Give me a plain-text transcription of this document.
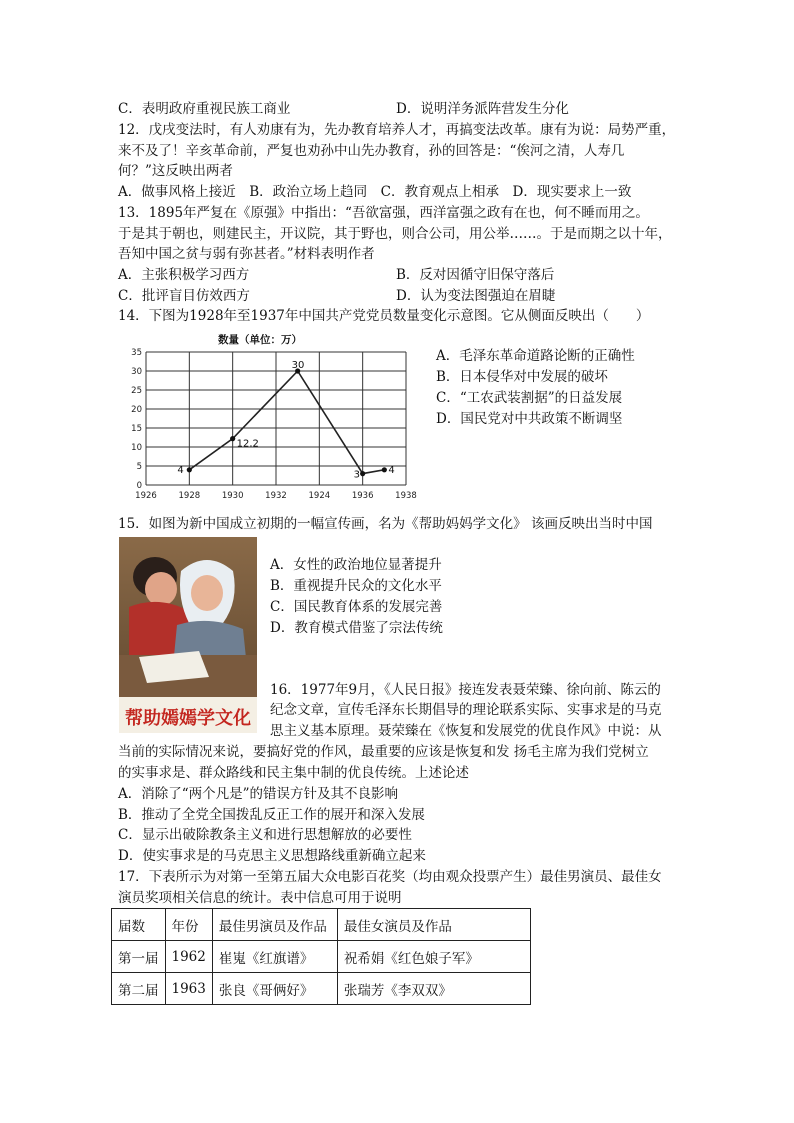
C．表明政府重视民族工商业	D．说明洋务派阵营发生分化
12．戊戌变法时，有人劝康有为，先办教育培养人才，再搞变法改革。康有为说：局势严重，
来不及了！辛亥革命前，严复也劝孙中山先办教育，孙的回答是：“俟河之清，人寿几
何？”这反映出两者
A．做事风格上接近　B．政治立场上趋同　C．教育观点上相承　D．现实要求上一致
13．1895年严复在《原强》中指出：“吾欲富强，西洋富强之政有在也，何不睡而用之。
于是其于朝也，则建民主，开议院，其于野也，则合公司，用公举……。于是而期之以十年，
吾知中国之贫与弱有弥甚者。”材料表明作者
A．主张积极学习西方	B．反对因循守旧保守落后
C．批评盲目仿效西方	D．认为变法图强迫在眉睫
14．下图为1928年至1937年中国共产党党员数量变化示意图。它从侧面反映出（　　）
数量（单位：万）
1926	1928	1930	1932	1924	1936	1938
0
5
10
15
20
25
30
35
4
12.2
30
3	4
A．毛泽东革命道路论断的正确性
B．日本侵华对中发展的破坏
C．“工农武装割据”的日益发展
D．国民党对中共政策不断调坚
15．如图为新中国成立初期的一幅宣传画，名为《帮助妈妈学文化》 该画反映出当时中国
帮助嫣嫣学文化
A．女性的政治地位显著提升
B．重视提升民众的文化水平
C．国民教育体系的发展完善
D．教育模式借鉴了宗法传统
16．1977年9月，《人民日报》接连发表聂荣臻、徐向前、陈云的
纪念文章，宣传毛泽东长期倡导的理论联系实际、实事求是的马克
思主义基本原理。聂荣臻在《恢复和发展党的优良作风》中说：从
当前的实际情况来说，要搞好党的作风，最重要的应该是恢复和发 扬毛主席为我们党树立
的实事求是、群众路线和民主集中制的优良传统。上述论述
A．消除了“两个凡是”的错误方针及其不良影响
B．推动了全党全国拨乱反正工作的展开和深入发展
C．显示出破除教条主义和进行思想解放的必要性
D．使实事求是的马克思主义思想路线重新确立起来
17．下表所示为对第一至第五届大众电影百花奖（均由观众投票产生）最佳男演员、最佳女
演员奖项相关信息的统计。表中信息可用于说明
届数	年份	最佳男演员及作品	最佳女演员及作品
第一届	1962	崔嵬《红旗谱》	祝希娟《红色娘子军》
第二届	1963	张良《哥俩好》	张瑞芳《李双双》
